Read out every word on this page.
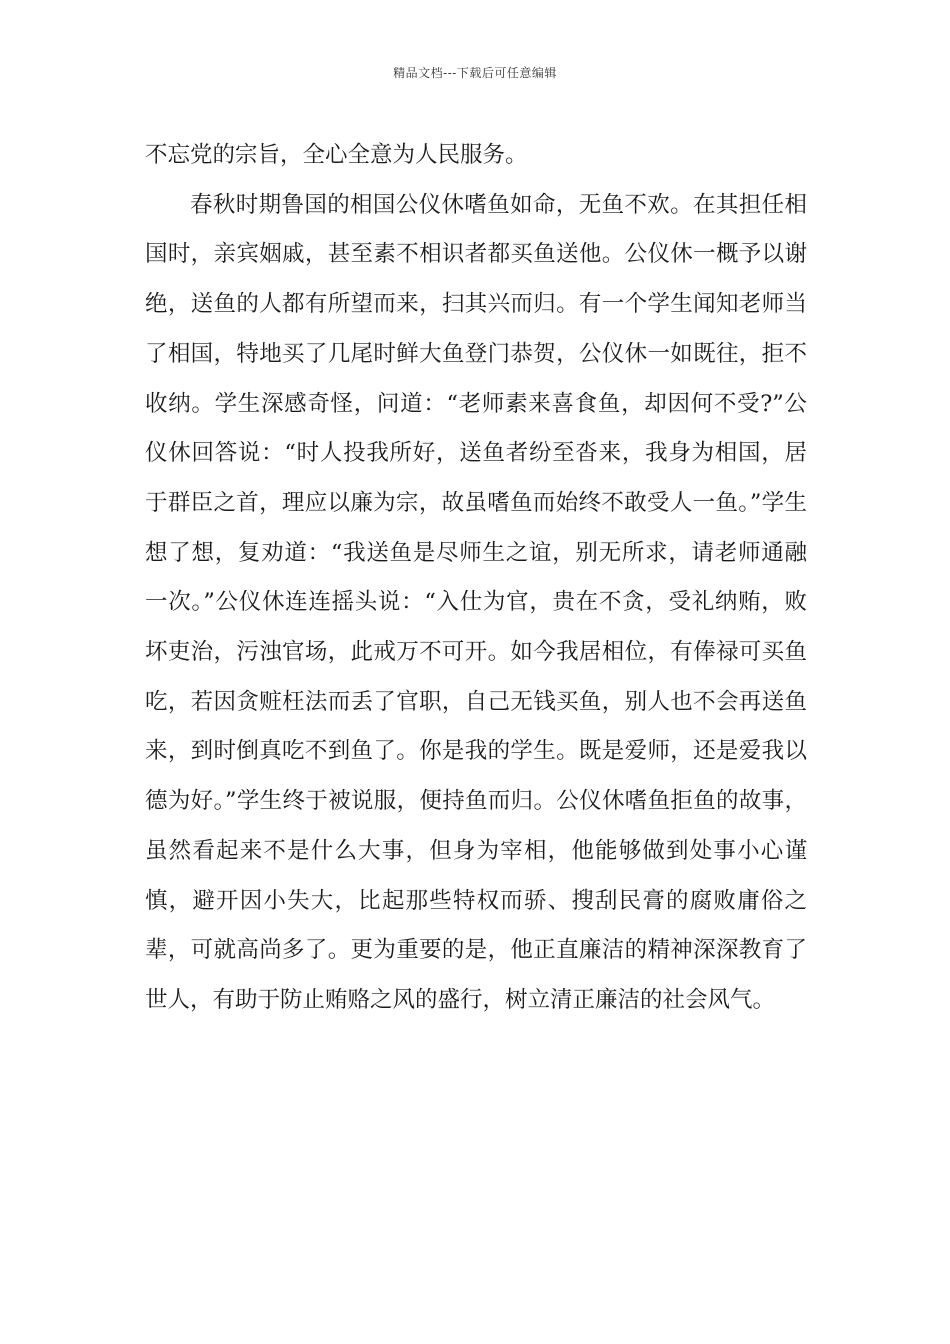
精品文档---下载后可任意编辑

不忘党的宗旨，全心全意为人民服务。

春秋时期鲁国的相国公仪休嗜鱼如命，无鱼不欢。在其担任相国时，亲宾姻戚，甚至素不相识者都买鱼送他。公仪休一概予以谢绝，送鱼的人都有所望而来，扫其兴而归。有一个学生闻知老师当了相国，特地买了几尾时鲜大鱼登门恭贺，公仪休一如既往，拒不收纳。学生深感奇怪，问道：“老师素来喜食鱼，却因何不受?”公仪休回答说：“时人投我所好，送鱼者纷至沓来，我身为相国，居于群臣之首，理应以廉为宗，故虽嗜鱼而始终不敢受人一鱼。”学生想了想，复劝道：“我送鱼是尽师生之谊，别无所求，请老师通融一次。”公仪休连连摇头说：“入仕为官，贵在不贪，受礼纳贿，败坏吏治，污浊官场，此戒万不可开。如今我居相位，有俸禄可买鱼吃，若因贪赃枉法而丢了官职，自己无钱买鱼，别人也不会再送鱼来，到时倒真吃不到鱼了。你是我的学生。既是爱师，还是爱我以德为好。”学生终于被说服，便持鱼而归。公仪休嗜鱼拒鱼的故事，虽然看起来不是什么大事，但身为宰相，他能够做到处事小心谨慎，避开因小失大，比起那些特权而骄、搜刮民膏的腐败庸俗之辈，可就高尚多了。更为重要的是，他正直廉洁的精神深深教育了世人，有助于防止贿赂之风的盛行，树立清正廉洁的社会风气。
